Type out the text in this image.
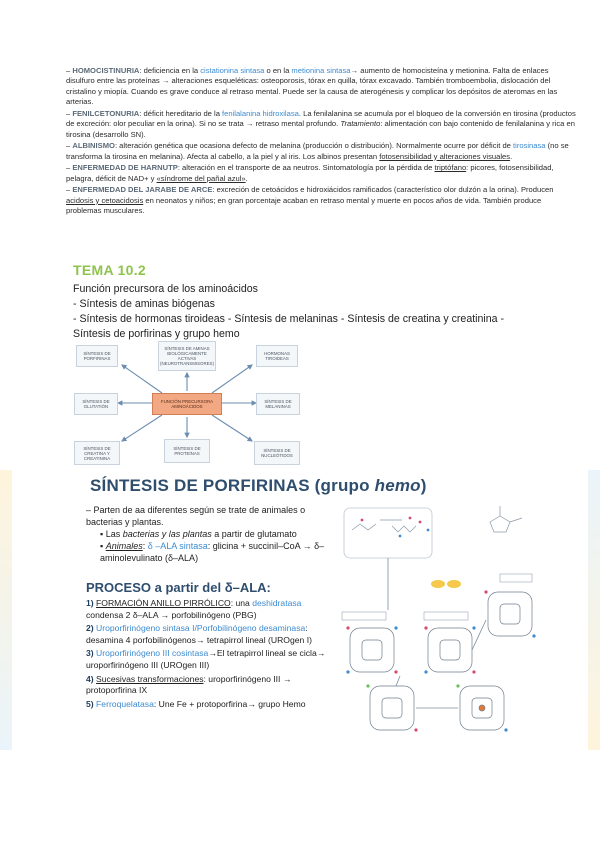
– HOMOCISTINURIA: deficiencia en la cistationina sintasa o en la metionina sintasa→ aumento de homocisteína y metionina. Falta de enlaces disulfuro entre las proteínas → alteraciones esqueléticas: osteoporosis, tórax en quilla, tórax excavado. También tromboembolia, dislocación del cristalino y miopía. Cuando es grave conduce al retraso mental. Puede ser la causa de aterogénesis y complicar los depósitos de ateromas en las arterias.

– FENILCETONURIA: déficit hereditario de la fenilalanina hidroxilasa. La fenilalanina se acumula por el bloqueo de la conversión en tirosina (productos de excreción: olor peculiar en la orina). Si no se trata → retraso mental profundo. Tratamiento: alimentación con bajo contenido de fenilalanina y rica en tirosina (desarrollo SN).

– ALBINISMO: alteración genética que ocasiona defecto de melanina (producción o distribución). Normalmente ocurre por déficit de tirosinasa (no se transforma la tirosina en melanina). Afecta al cabello, a la piel y al iris. Los albinos presentan fotosensibilidad y alteraciones visuales.

– ENFERMEDAD DE HARNUTP: alteración en el transporte de aa neutros. Sintomatología por la pérdida de triptófano: picores, fotosensibilidad, pelagra, déficit de NAD+ y «síndrome del pañal azul».

– ENFERMEDAD DEL JARABE DE ARCE: excreción de cetoácidos e hidroxiácidos ramificados (característico olor dulzón a la orina). Producen acidosis y cetoacidosis en neonatos y niños; en gran porcentaje acaban en retraso mental y muerte en pocos años de vida. También produce problemas musculares.

TEMA 10.2
Función precursora de los aminoácidos
- Síntesis de aminas biógenas
- Síntesis de hormonas tiroideas - Síntesis de melaninas - Síntesis de creatina y creatinina - Síntesis de porfirinas y grupo hemo
SÍNTESIS DE PORFIRINAS
SÍNTESIS DE AMINAS BIOLÓGICAMENTE ACTIVAS (NEUROTRANSMISORES)
HORMONAS TIROIDEAS
SÍNTESIS DE GLUTATIÓN
FUNCIÓN PRECURSORA AMINOÁCIDOS
SÍNTESIS DE MELANINAS
SÍNTESIS DE CREATINA Y CREATININA
SÍNTESIS DE PROTEÍNAS
SÍNTESIS DE NUCLEÓTIDOS
SÍNTESIS DE PORFIRINAS (grupo hemo)
– Parten de aa diferentes según se trate de animales o bacterias y plantas.
▪ Las bacterias y las plantas a partir de glutamato
▪ Animales: δ –ALA sintasa: glicina + succinil–CoA → δ– aminolevulinato (δ–ALA)
PROCESO a partir del δ–ALA:
1) FORMACIÓN ANILLO PIRRÓLICO: una deshidratasa condensa 2 δ–ALA → porfobilinógeno (PBG)
2) Uroporfirinógeno sintasa I/Porfobilinógeno desaminasa: desamina 4 porfobilinógenos→ tetrapirrol lineal (UROgen I)
3) Uroporfirinógeno III cosintasa→El tetrapirrol lineal se cicla→ uroporfirinógeno III (UROgen III)
4) Sucesivas transformaciones: uroporfirinógeno III → protoporfirina IX
5) Ferroquelatasa: Une Fe + protoporfirina→ grupo Hemo
